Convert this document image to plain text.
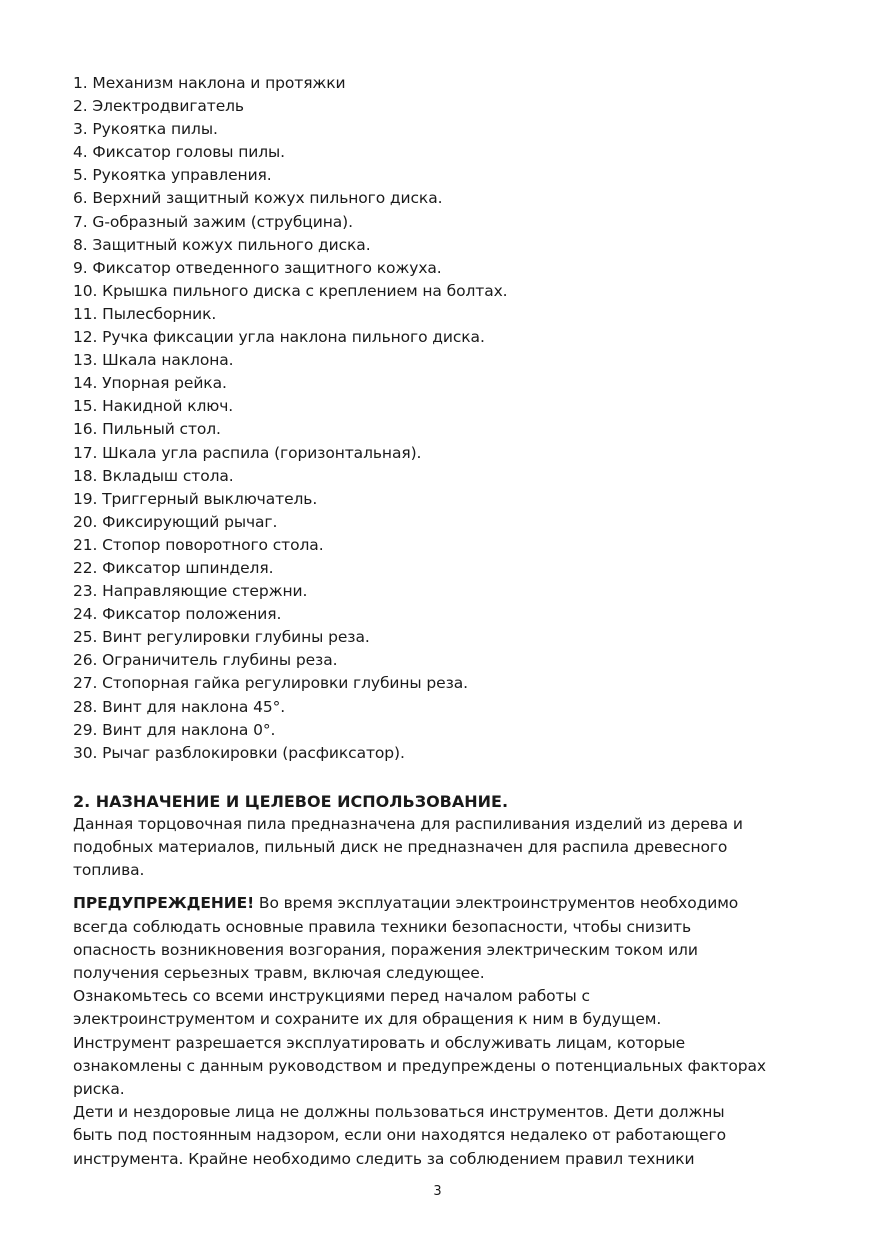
1. Механизм наклона и протяжки
2. Электродвигатель
3. Рукоятка пилы.
4. Фиксатор головы пилы.
5. Рукоятка управления.
6. Верхний защитный кожух пильного диска.
7. G-образный зажим (струбцина).
8. Защитный кожух пильного диска.
9. Фиксатор отведенного защитного кожуха.
10. Крышка пильного диска с креплением на болтах.
11. Пылесборник.
12. Ручка фиксации угла наклона пильного диска.
13. Шкала наклона.
14. Упорная рейка.
15. Накидной ключ.
16. Пильный стол.
17. Шкала угла распила (горизонтальная).
18. Вкладыш стола.
19. Триггерный выключатель.
20. Фиксирующий рычаг.
21. Стопор поворотного стола.
22. Фиксатор шпинделя.
23. Направляющие стержни.
24. Фиксатор положения.
25. Винт регулировки глубины реза.
26. Ограничитель глубины реза.
27. Стопорная гайка регулировки глубины реза.
28. Винт для наклона 45°.
29. Винт для наклона 0°.
30. Рычаг разблокировки (расфиксатор).
2. НАЗНАЧЕНИЕ И ЦЕЛЕВОЕ ИСПОЛЬЗОВАНИЕ.
Данная торцовочная пила предназначена для распиливания изделий из дерева и
подобных материалов, пильный диск не предназначен для распила древесного
топлива.
ПРЕДУПРЕЖДЕНИЕ! Во время эксплуатации электроинструментов необходимо
всегда соблюдать основные правила техники безопасности, чтобы снизить
опасность возникновения возгорания, поражения электрическим током или
получения серьезных травм, включая следующее.
Ознакомьтесь со всеми инструкциями перед началом работы с
электроинструментом и сохраните их для обращения к ним в будущем.
Инструмент разрешается эксплуатировать и обслуживать лицам, которые
ознакомлены с данным руководством и предупреждены о потенциальных факторах
риска.
Дети и нездоровые лица не должны пользоваться инструментов. Дети должны
быть под постоянным надзором, если они находятся недалеко от работающего
инструмента. Крайне необходимо следить за соблюдением правил техники
3
